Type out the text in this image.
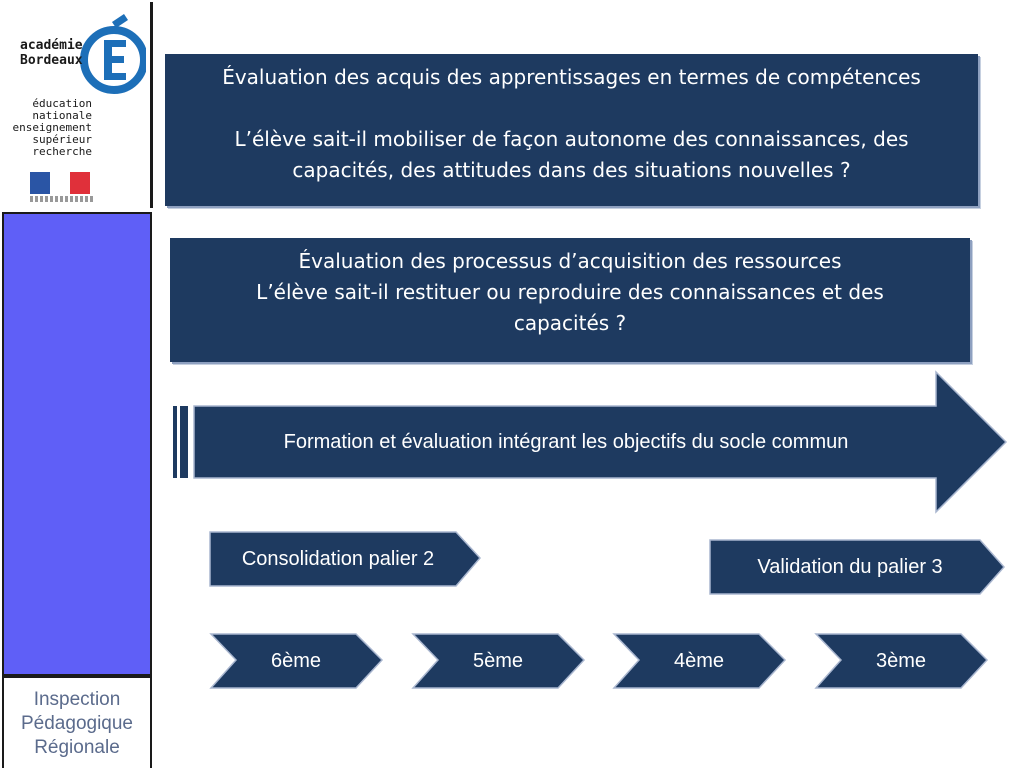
académie
Bordeaux
éducation
nationale
enseignement
supérieur
recherche
Inspection
Pédagogique
Régionale
Évaluation des acquis des apprentissages en termes de compétences
L’élève sait-il mobiliser de façon autonome des connaissances, des
capacités, des attitudes dans des situations nouvelles ?
Évaluation des processus d’acquisition des ressources
L’élève sait-il restituer ou reproduire des connaissances et des
capacités ?
Formation et évaluation intégrant les objectifs du socle commun
Consolidation palier 2	Validation du palier 3
6ème	5ème	4ème	3ème
